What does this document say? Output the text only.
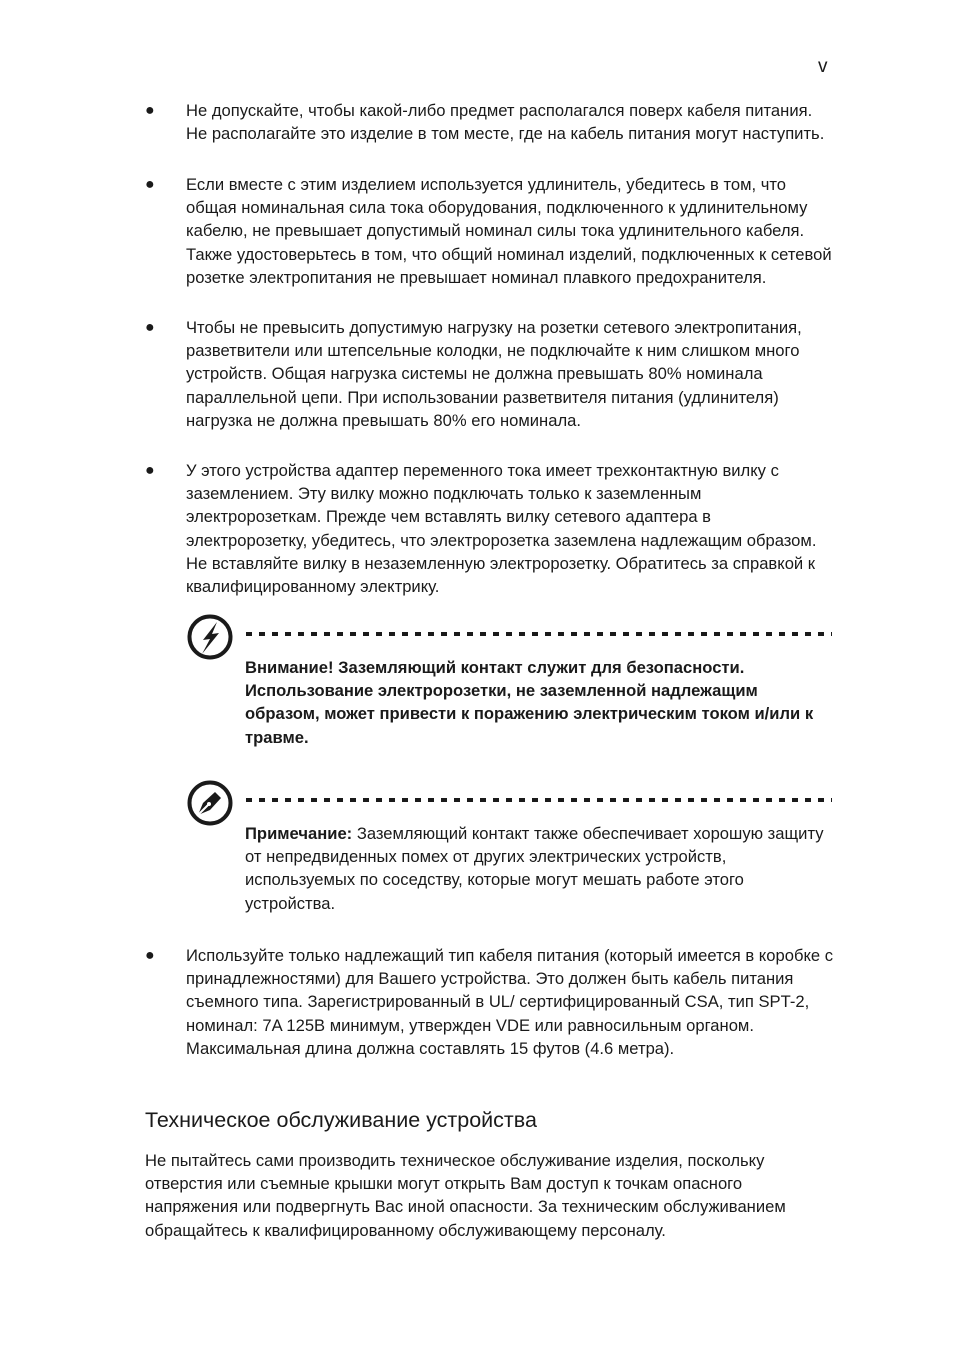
v
● Не допускайте, чтобы какой-либо предмет располагался поверх кабеля питания. Не располагайте это изделие в том месте, где на кабель питания могут наступить.
● Если вместе с этим изделием используется удлинитель, убедитесь в том, что общая номинальная сила тока оборудования, подключенного к удлинительному кабелю, не превышает допустимый номинал силы тока удлинительного кабеля. Также удостоверьтесь в том, что общий номинал изделий, подключенных к сетевой розетке электропитания не превышает номинал плавкого предохранителя.
● Чтобы не превысить допустимую нагрузку на розетки сетевого электропитания, разветвители или штепсельные колодки, не подключайте к ним слишком много устройств. Общая нагрузка системы не должна превышать 80% номинала параллельной цепи. При использовании разветвителя питания (удлинителя) нагрузка не должна превышать 80% его номинала.
● У этого устройства адаптер переменного тока имеет трехконтактную вилку с заземлением. Эту вилку можно подключать только к заземленным электророзеткам. Прежде чем вставлять вилку сетевого адаптера в электророзетку, убедитесь, что электророзетка заземлена надлежащим образом. Не вставляйте вилку в незаземленную электророзетку. Обратитесь за справкой к квалифицированному электрику.
Внимание! Заземляющий контакт служит для безопасности. Использование электророзетки, не заземленной надлежащим образом, может привести к поражению электрическим током и/или к травме.
Примечание: Заземляющий контакт также обеспечивает хорошую защиту от непредвиденных помех от других электрических устройств, используемых по соседству, которые могут мешать работе этого устройства.
● Используйте только надлежащий тип кабеля питания (который имеется в коробке с принадлежностями) для Вашего устройства. Это должен быть кабель питания съемного типа. Зарегистрированный в UL/ сертифицированный CSA, тип SPT-2, номинал: 7A 125B минимум, утвержден VDE или равносильным органом. Максимальная длина должна составлять 15 футов (4.6 метра).
Техническое обслуживание устройства

Не пытайтесь сами производить техническое обслуживание изделия, поскольку отверстия или съемные крышки могут открыть Вам доступ к точкам опасного напряжения или подвергнуть Вас иной опасности. За техническим обслуживанием обращайтесь к квалифицированному обслуживающему персоналу.
